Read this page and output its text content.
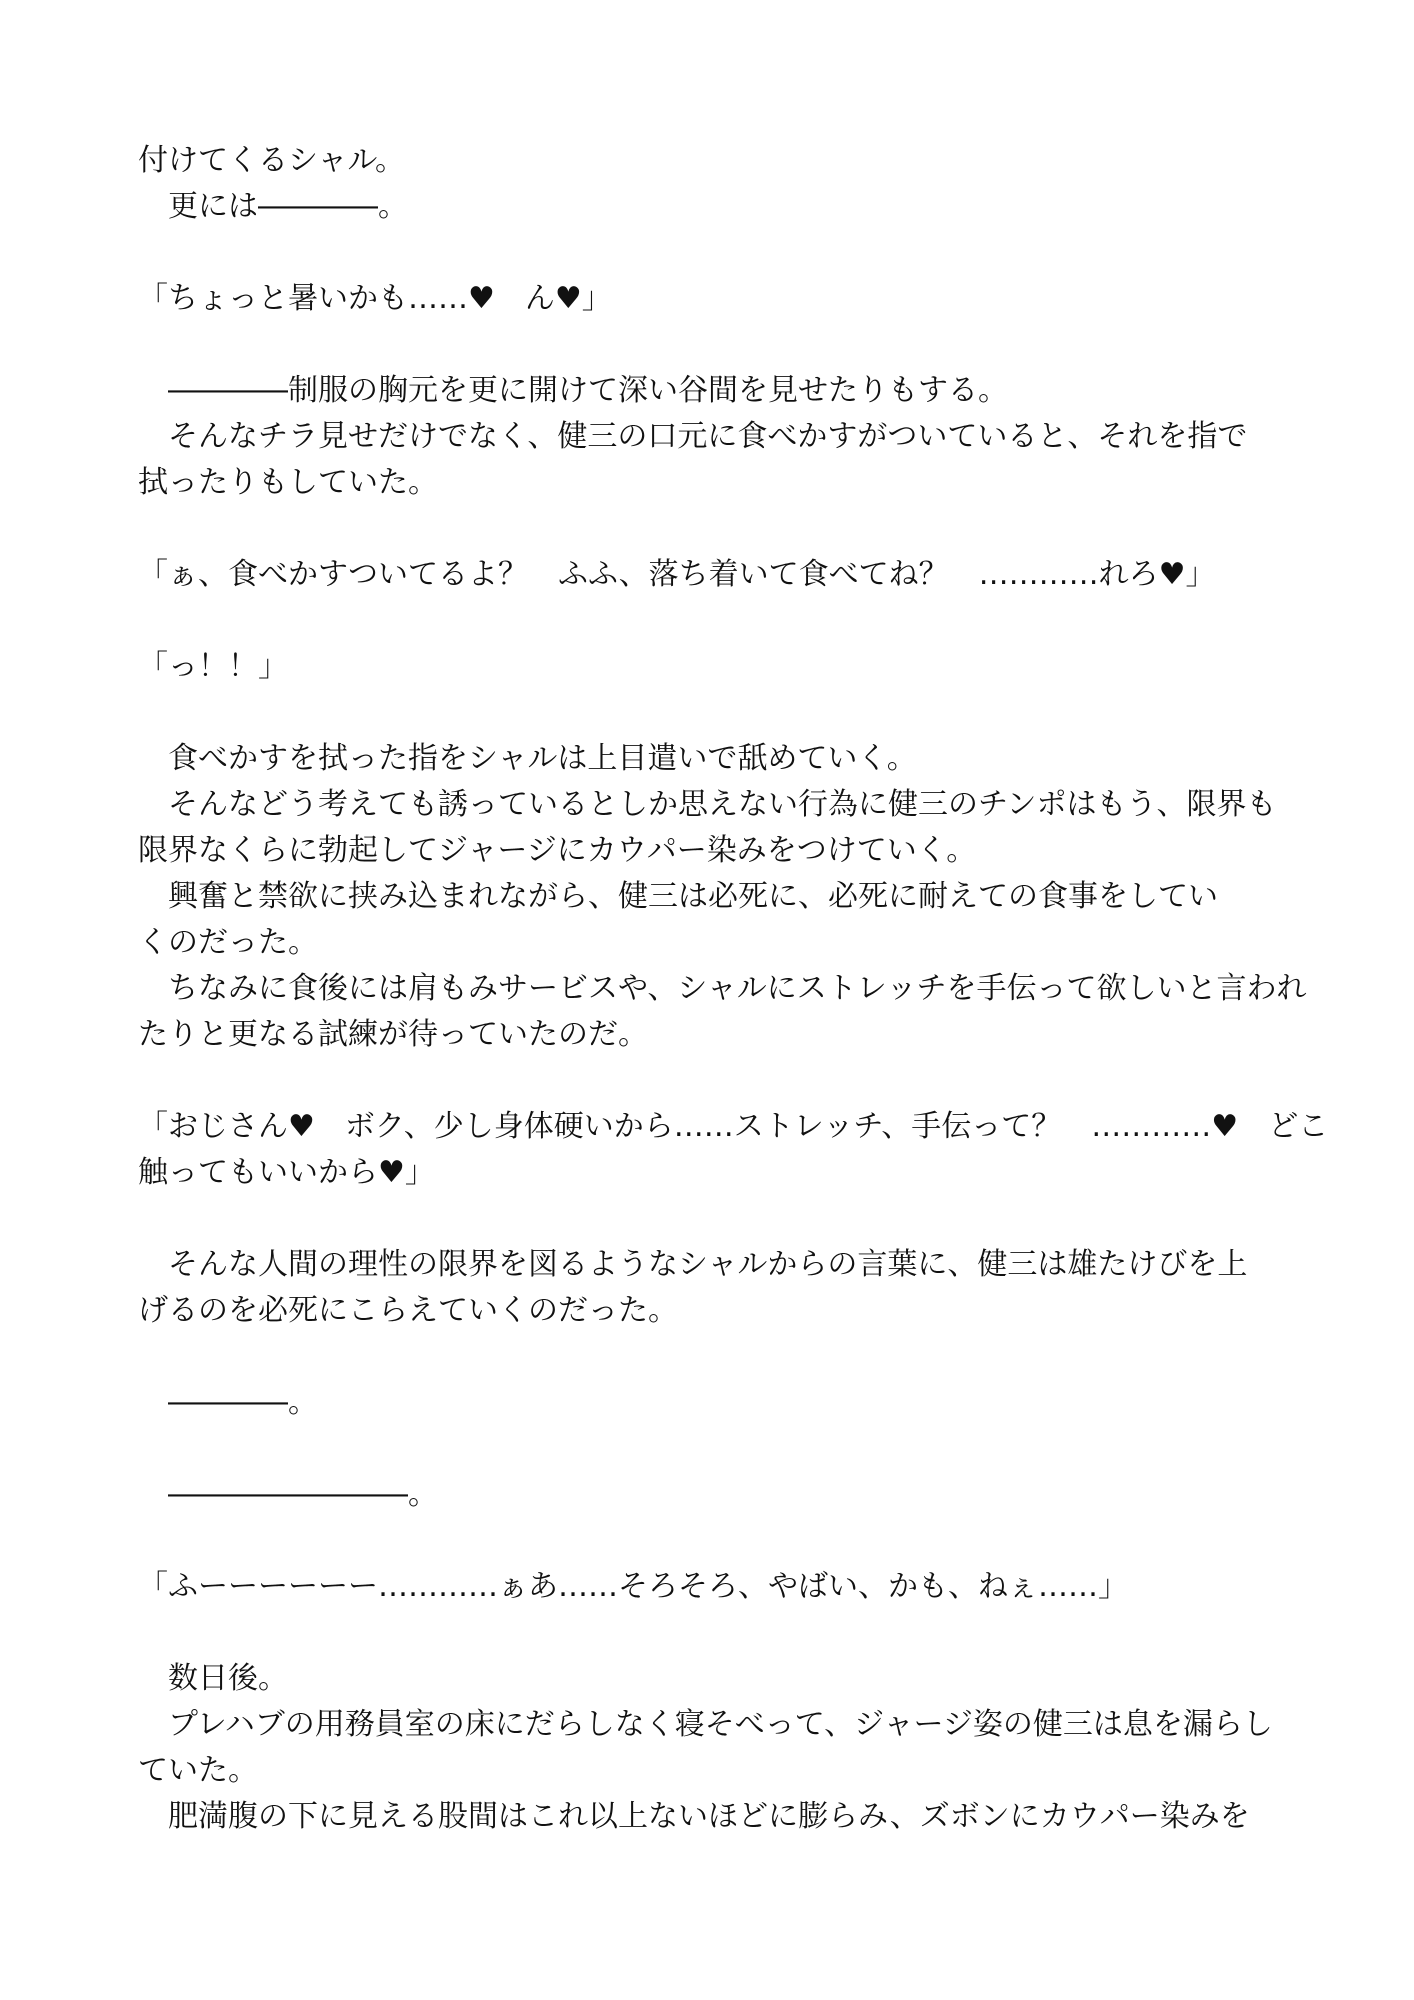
付けてくるシャル。
　更には――――。
「ちょっと暑いかも……♥　ん♥」
　――――制服の胸元を更に開けて深い谷間を見せたりもする。
　そんなチラ見せだけでなく、健三の口元に食べかすがついていると、それを指で
拭ったりもしていた。
「ぁ、食べかすついてるよ？　ふふ、落ち着いて食べてね？　…………れろ♥」
「っ！！」
　食べかすを拭った指をシャルは上目遣いで舐めていく。
　そんなどう考えても誘っているとしか思えない行為に健三のチンポはもう、限界も
限界なくらに勃起してジャージにカウパー染みをつけていく。
　興奮と禁欲に挟み込まれながら、健三は必死に、必死に耐えての食事をしてい
くのだった。
　ちなみに食後には肩もみサービスや、シャルにストレッチを手伝って欲しいと言われ
たりと更なる試練が待っていたのだ。
「おじさん♥　ボク、少し身体硬いから……ストレッチ、手伝って？　…………♥　どこ
触ってもいいから♥」
　そんな人間の理性の限界を図るようなシャルからの言葉に、健三は雄たけびを上
げるのを必死にこらえていくのだった。
　――――。
　――――――――。
「ふーーーーーー…………ぁあ……そろそろ、やばい、かも、ねぇ……」
　数日後。
　プレハブの用務員室の床にだらしなく寝そべって、ジャージ姿の健三は息を漏らし
ていた。
　肥満腹の下に見える股間はこれ以上ないほどに膨らみ、ズボンにカウパー染みを
